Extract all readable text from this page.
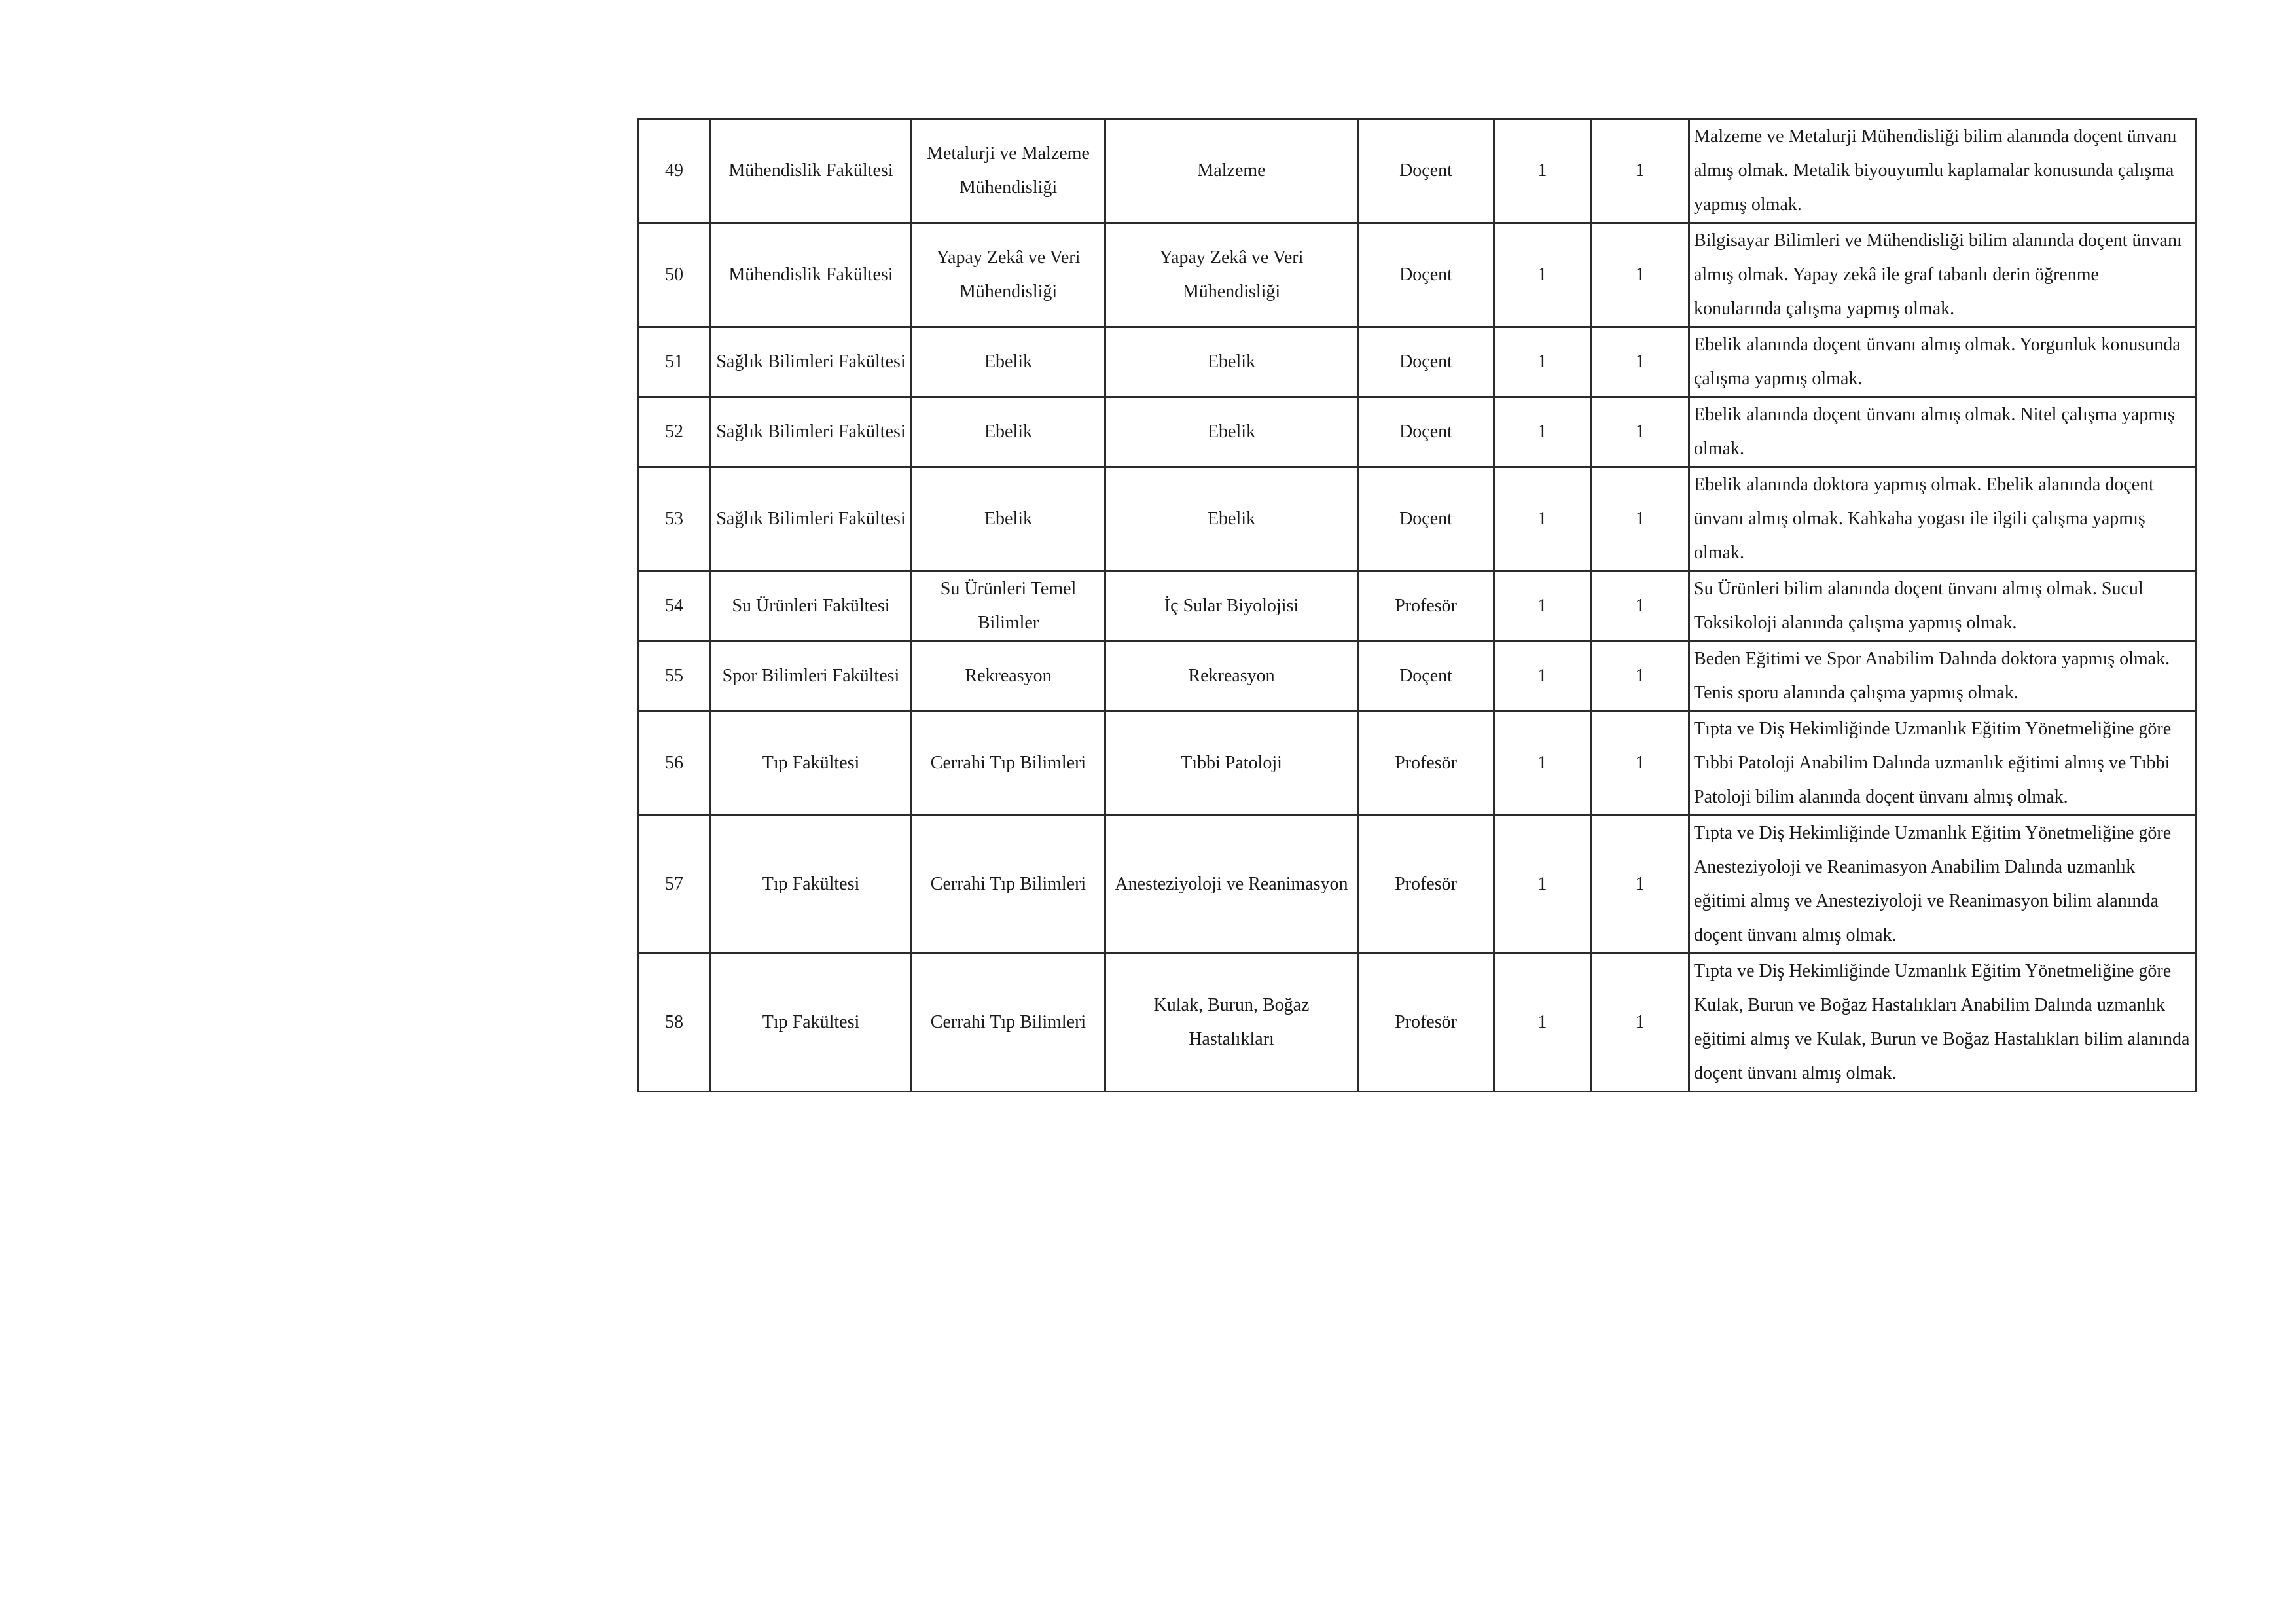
49	Mühendislik Fakültesi	Metalurji ve Malzeme Mühendisliği	Malzeme	Doçent	1	1	Malzeme ve Metalurji Mühendisliği bilim alanında doçent ünvanı almış olmak. Metalik biyouyumlu kaplamalar konusunda çalışma yapmış olmak.
50	Mühendislik Fakültesi	Yapay Zekâ ve Veri Mühendisliği	Yapay Zekâ ve Veri Mühendisliği	Doçent	1	1	Bilgisayar Bilimleri ve Mühendisliği bilim alanında doçent ünvanı almış olmak. Yapay zekâ ile graf tabanlı derin öğrenme konularında çalışma yapmış olmak.
51	Sağlık Bilimleri Fakültesi	Ebelik	Ebelik	Doçent	1	1	Ebelik alanında doçent ünvanı almış olmak. Yorgunluk konusunda çalışma yapmış olmak.
52	Sağlık Bilimleri Fakültesi	Ebelik	Ebelik	Doçent	1	1	Ebelik alanında doçent ünvanı almış olmak. Nitel çalışma yapmış olmak.
53	Sağlık Bilimleri Fakültesi	Ebelik	Ebelik	Doçent	1	1	Ebelik alanında doktora yapmış olmak. Ebelik alanında doçent ünvanı almış olmak. Kahkaha yogası ile ilgili çalışma yapmış olmak.
54	Su Ürünleri Fakültesi	Su Ürünleri Temel Bilimler	İç Sular Biyolojisi	Profesör	1	1	Su Ürünleri bilim alanında doçent ünvanı almış olmak. Sucul Toksikoloji alanında çalışma yapmış olmak.
55	Spor Bilimleri Fakültesi	Rekreasyon	Rekreasyon	Doçent	1	1	Beden Eğitimi ve Spor Anabilim Dalında doktora yapmış olmak. Tenis sporu alanında çalışma yapmış olmak.
56	Tıp Fakültesi	Cerrahi Tıp Bilimleri	Tıbbi Patoloji	Profesör	1	1	Tıpta ve Diş Hekimliğinde Uzmanlık Eğitim Yönetmeliğine göre Tıbbi Patoloji Anabilim Dalında uzmanlık eğitimi almış ve Tıbbi Patoloji bilim alanında doçent ünvanı almış olmak.
57	Tıp Fakültesi	Cerrahi Tıp Bilimleri	Anesteziyoloji ve Reanimasyon	Profesör	1	1	Tıpta ve Diş Hekimliğinde Uzmanlık Eğitim Yönetmeliğine göre Anesteziyoloji ve Reanimasyon Anabilim Dalında uzmanlık eğitimi almış ve Anesteziyoloji ve Reanimasyon bilim alanında doçent ünvanı almış olmak.
58	Tıp Fakültesi	Cerrahi Tıp Bilimleri	Kulak, Burun, Boğaz Hastalıkları	Profesör	1	1	Tıpta ve Diş Hekimliğinde Uzmanlık Eğitim Yönetmeliğine göre Kulak, Burun ve Boğaz Hastalıkları Anabilim Dalında uzmanlık eğitimi almış ve Kulak, Burun ve Boğaz Hastalıkları bilim alanında doçent ünvanı almış olmak.
